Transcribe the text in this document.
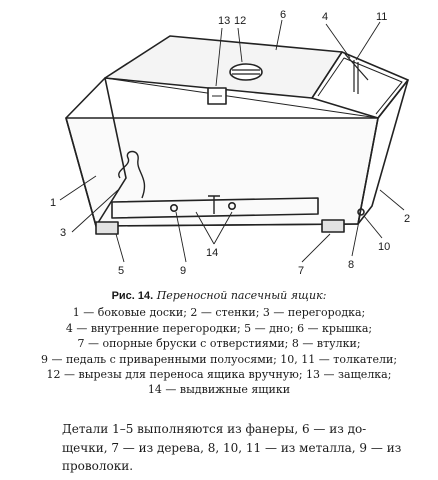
13 12	6	4	11
1
3
5	9
14
7	8
10
2
Рис. 14. Переносной пасечный ящик:
1 — боковые доски; 2 — стенки; 3 — перегородка;
4 — внутренние перегородки; 5 — дно; 6 — крышка;
7 — опорные бруски с отверстиями; 8 — втулки;
9 — педаль с приваренными полуосями; 10, 11 — толкатели;
12 — вырезы для переноса ящика вручную; 13 — защелка;
14 — выдвижные ящики
Детали 1–5 выполняются из фанеры, 6 — из до-
щечки, 7 — из дерева, 8, 10, 11 — из металла, 9 — из
проволоки.
